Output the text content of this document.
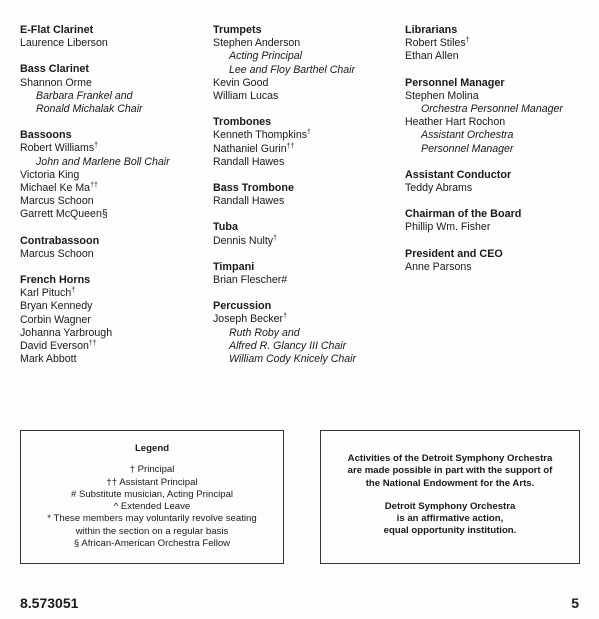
E-Flat Clarinet
Laurence Liberson
Bass Clarinet
Shannon Orme
Barbara Frankel and
Ronald Michalak Chair
Bassoons
Robert Williams†
John and Marlene Boll Chair
Victoria King
Michael Ke Ma††
Marcus Schoon
Garrett McQueen§
Contrabassoon
Marcus Schoon
French Horns
Karl Pituch†
Bryan Kennedy
Corbin Wagner
Johanna Yarbrough
David Everson††
Mark Abbott
Trumpets
Stephen Anderson
Acting Principal
Lee and Floy Barthel Chair
Kevin Good
William Lucas
Trombones
Kenneth Thompkins†
Nathaniel Gurin††
Randall Hawes
Bass Trombone
Randall Hawes
Tuba
Dennis Nulty†
Timpani
Brian Flescher#
Percussion
Joseph Becker†
Ruth Roby and
Alfred R. Glancy III Chair
William Cody Knicely Chair
Librarians
Robert Stiles†
Ethan Allen
Personnel Manager
Stephen Molina
Orchestra Personnel Manager
Heather Hart Rochon
Assistant Orchestra
Personnel Manager
Assistant Conductor
Teddy Abrams
Chairman of the Board
Phillip Wm. Fisher
President and CEO
Anne Parsons
Legend
† Principal
†† Assistant Principal
# Substitute musician, Acting Principal
^ Extended Leave
* These members may voluntarily revolve seating
within the section on a regular basis
§ African-American Orchestra Fellow
Activities of the Detroit Symphony Orchestra
are made possible in part with the support of
the National Endowment for the Arts.
Detroit Symphony Orchestra
is an affirmative action,
equal opportunity institution.
8.573051	5
